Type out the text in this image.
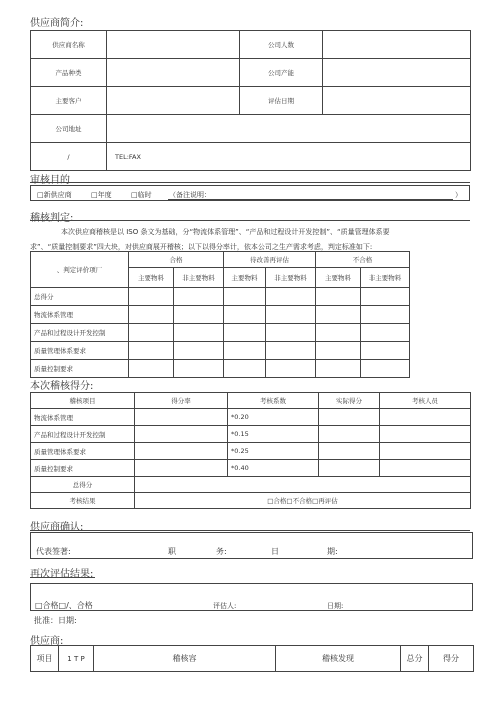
供应商简介:
供应商名称		公司人数	
产品种类		公司产能	
主要客户		评估日期	
公司地址			
/	TEL:FAX		
审核目的
□新供应商	□年度	□临时 （备注说明：	）
稽核判定:
本次供应商稽核是以 ISO 条文为基础，分“物流体系管理”、“产品和过程设计开发控制”、“质量管理体系要
求”、“质量控制要求”四大块，对供应商展开稽核；以下以得分率计，依本公司之生产需求考虑，判定标准如下:
、判定评价项厂	合格		待改善再评估		不合格	
	主要物料	非主要物料	主要物料	非主要物料	主要物料	非主要物料
总得分						
物流体系管理						
产品和过程设计开发控制						
质量管理体系要求						
质量控制要求						
本次稽核得分:
稽核项目	得分率	考核系数	实际得分	考核人员
物流体系管理		*0.20		
产品和过程设计开发控制		*0.15		
质量管理体系要求		*0.25		
质量控制要求		*0.40		
总得分				
考核结果	□合格□不合格□再评估			
供应商确认:
代表签著:	职	务:	日	期:
再次评估结果:
□合格□/、合格	评估人:	日期:
批准：日期:
供应商:
项目	1 T P	稽核容	稽核发现	总分	得分
